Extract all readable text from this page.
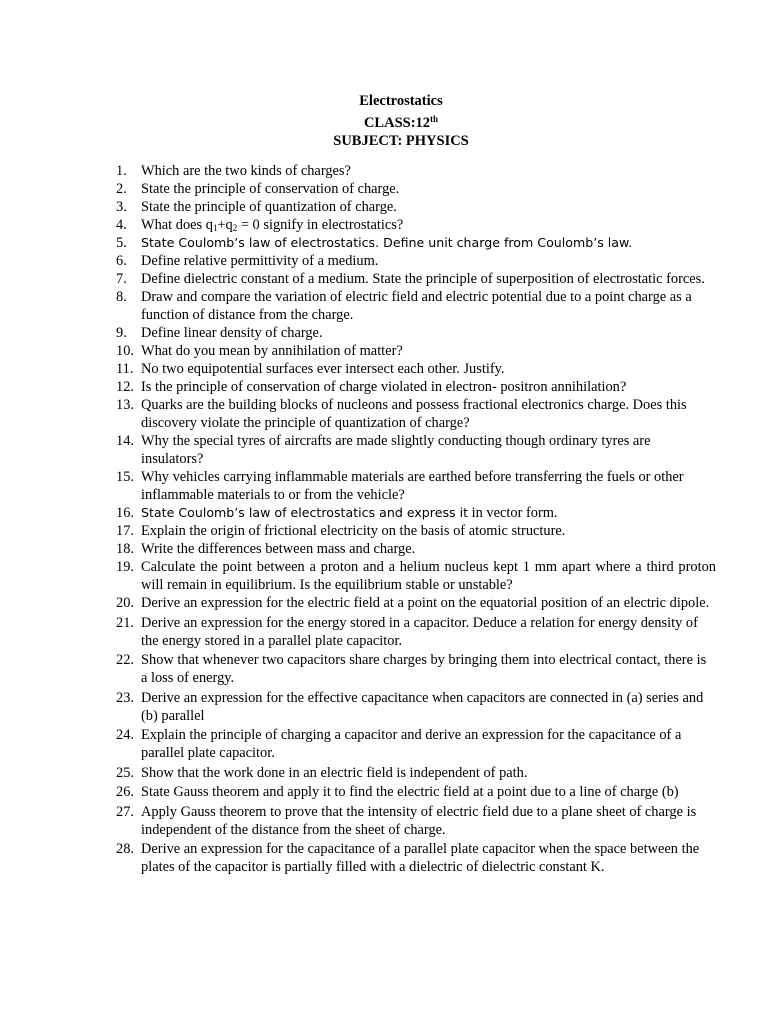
Electrostatics
CLASS:12th
SUBJECT: PHYSICS
1. Which are the two kinds of charges?
2. State the principle of conservation of charge.
3. State the principle of quantization of charge.
4. What does $q_1+q_2 = 0$ signify in electrostatics?
5. State Coulomb’s law of electrostatics. Define unit charge from Coulomb’s law.
6. Define relative permittivity of a medium.
7. Define dielectric constant of a medium. State the principle of superposition of electrostatic forces.
8. Draw and compare the variation of electric field and electric potential due to a point charge as a function of distance from the charge.
9. Define linear density of charge.
10. What do you mean by annihilation of matter?
11. No two equipotential surfaces ever intersect each other. Justify.
12. Is the principle of conservation of charge violated in electron- positron annihilation?
13. Quarks are the building blocks of nucleons and possess fractional electronics charge. Does this discovery violate the principle of quantization of charge?
14. Why the special tyres of aircrafts are made slightly conducting though ordinary tyres are insulators?
15. Why vehicles carrying inflammable materials are earthed before transferring the fuels or other inflammable materials to or from the vehicle?
16. State Coulomb’s law of electrostatics and express it in vector form.
17. Explain the origin of frictional electricity on the basis of atomic structure.
18. Write the differences between mass and charge.
19. Calculate the point between a proton and a helium nucleus kept 1 mm apart where a third proton will remain in equilibrium. Is the equilibrium stable or unstable?
20. Derive an expression for the electric field at a point on the equatorial position of an electric dipole.
21. Derive an expression for the energy stored in a capacitor. Deduce a relation for energy density of the energy stored in a parallel plate capacitor.
22. Show that whenever two capacitors share charges by bringing them into electrical contact, there is a loss of energy.
23. Derive an expression for the effective capacitance when capacitors are connected in (a) series and (b) parallel
24. Explain the principle of charging a capacitor and derive an expression for the capacitance of a parallel plate capacitor.
25. Show that the work done in an electric field is independent of path.
26. State Gauss theorem and apply it to find the electric field at a point due to a line of charge (b)
27. Apply Gauss theorem to prove that the intensity of electric field due to a plane sheet of charge is independent of the distance from the sheet of charge.
28. Derive an expression for the capacitance of a parallel plate capacitor when the space between the plates of the capacitor is partially filled with a dielectric of dielectric constant K.
